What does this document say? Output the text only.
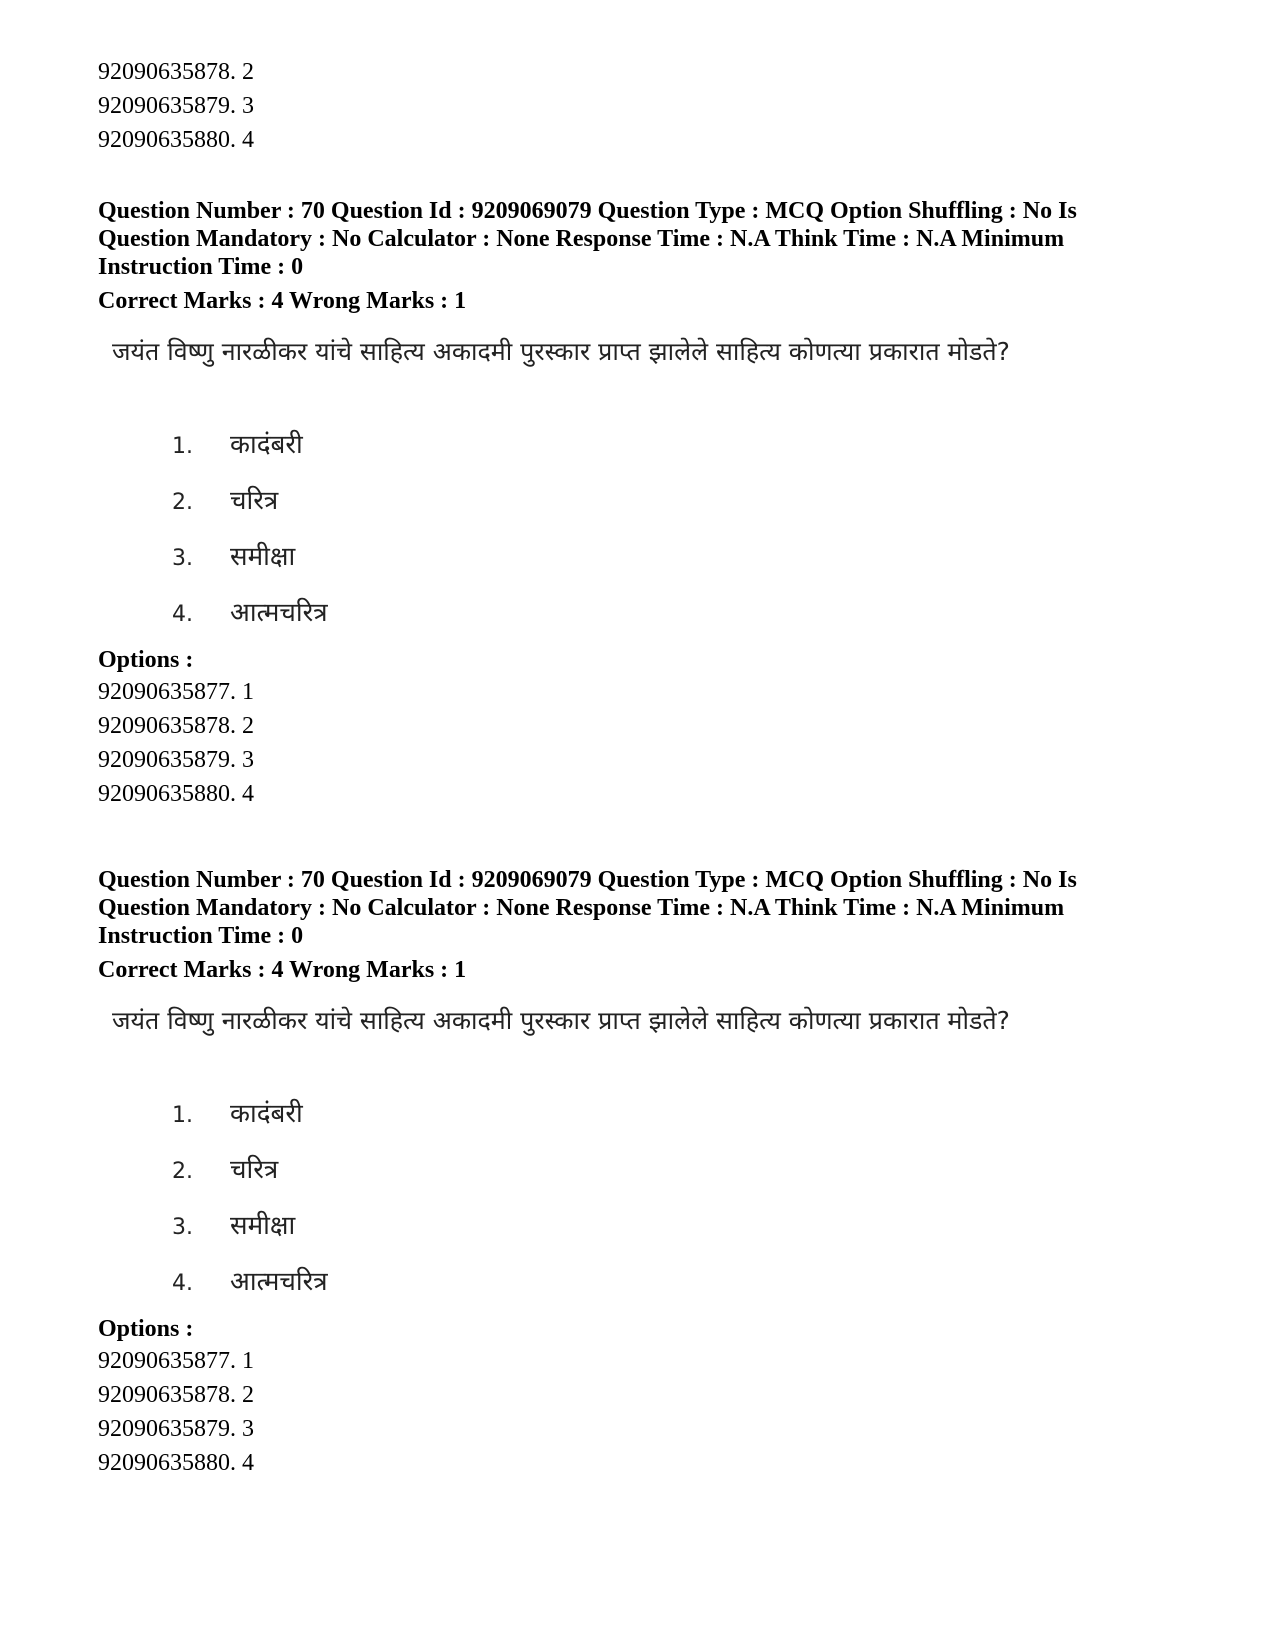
92090635878. 2
92090635879. 3
92090635880. 4
Question Number : 70 Question Id : 9209069079 Question Type : MCQ Option Shuffling : No Is Question Mandatory : No Calculator : None Response Time : N.A Think Time : N.A Minimum Instruction Time : 0
Correct Marks : 4 Wrong Marks : 1
जयंत विष्णु नारळीकर यांचे साहित्य अकादमी पुरस्कार प्राप्त झालेले साहित्य कोणत्या प्रकारात मोडते?
1. कादंबरी
2. चरित्र
3. समीक्षा
4. आत्मचरित्र
Options :
92090635877. 1
92090635878. 2
92090635879. 3
92090635880. 4
Question Number : 70 Question Id : 9209069079 Question Type : MCQ Option Shuffling : No Is Question Mandatory : No Calculator : None Response Time : N.A Think Time : N.A Minimum Instruction Time : 0
Correct Marks : 4 Wrong Marks : 1
जयंत विष्णु नारळीकर यांचे साहित्य अकादमी पुरस्कार प्राप्त झालेले साहित्य कोणत्या प्रकारात मोडते?
1. कादंबरी
2. चरित्र
3. समीक्षा
4. आत्मचरित्र
Options :
92090635877. 1
92090635878. 2
92090635879. 3
92090635880. 4
